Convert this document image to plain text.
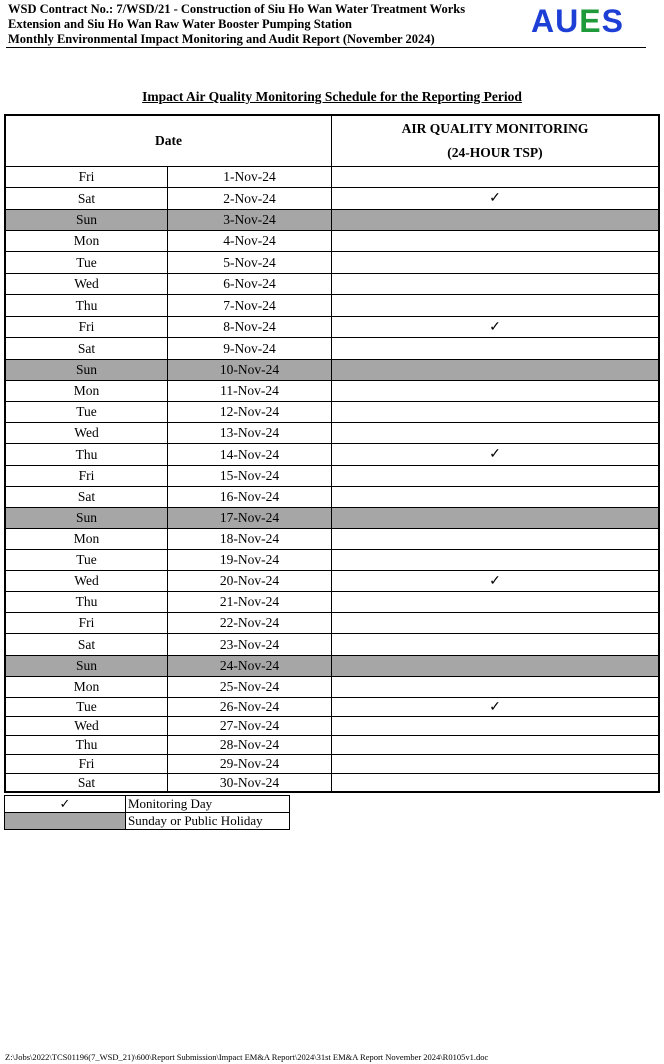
WSD Contract No.: 7/WSD/21 - Construction of Siu Ho Wan Water Treatment Works
Extension and Siu Ho Wan Raw Water Booster Pumping Station
Monthly Environmental Impact Monitoring and Audit Report (November 2024)	AUES
Impact Air Quality Monitoring Schedule for the Reporting Period
Date		AIR QUALITY MONITORING
(24-HOUR TSP)

Fri	1-Nov-24	
Sat	2-Nov-24	✓
Sun	3-Nov-24	
Mon	4-Nov-24	
Tue	5-Nov-24	
Wed	6-Nov-24	
Thu	7-Nov-24	
Fri	8-Nov-24	✓
Sat	9-Nov-24	
Sun	10-Nov-24	
Mon	11-Nov-24	
Tue	12-Nov-24	
Wed	13-Nov-24	
Thu	14-Nov-24	✓
Fri	15-Nov-24	
Sat	16-Nov-24	
Sun	17-Nov-24	
Mon	18-Nov-24	
Tue	19-Nov-24	
Wed	20-Nov-24	✓
Thu	21-Nov-24	
Fri	22-Nov-24	
Sat	23-Nov-24	
Sun	24-Nov-24	
Mon	25-Nov-24	
Tue	26-Nov-24	✓
Wed	27-Nov-24	
Thu	28-Nov-24	
Fri	29-Nov-24	
Sat	30-Nov-24	
✓	Monitoring Day
	Sunday or Public Holiday
Z:\Jobs\2022\TCS01196(7_WSD_21)\600\Report Submission\Impact EM&A Report\2024\31st EM&A Report November 2024\R0105v1.doc
